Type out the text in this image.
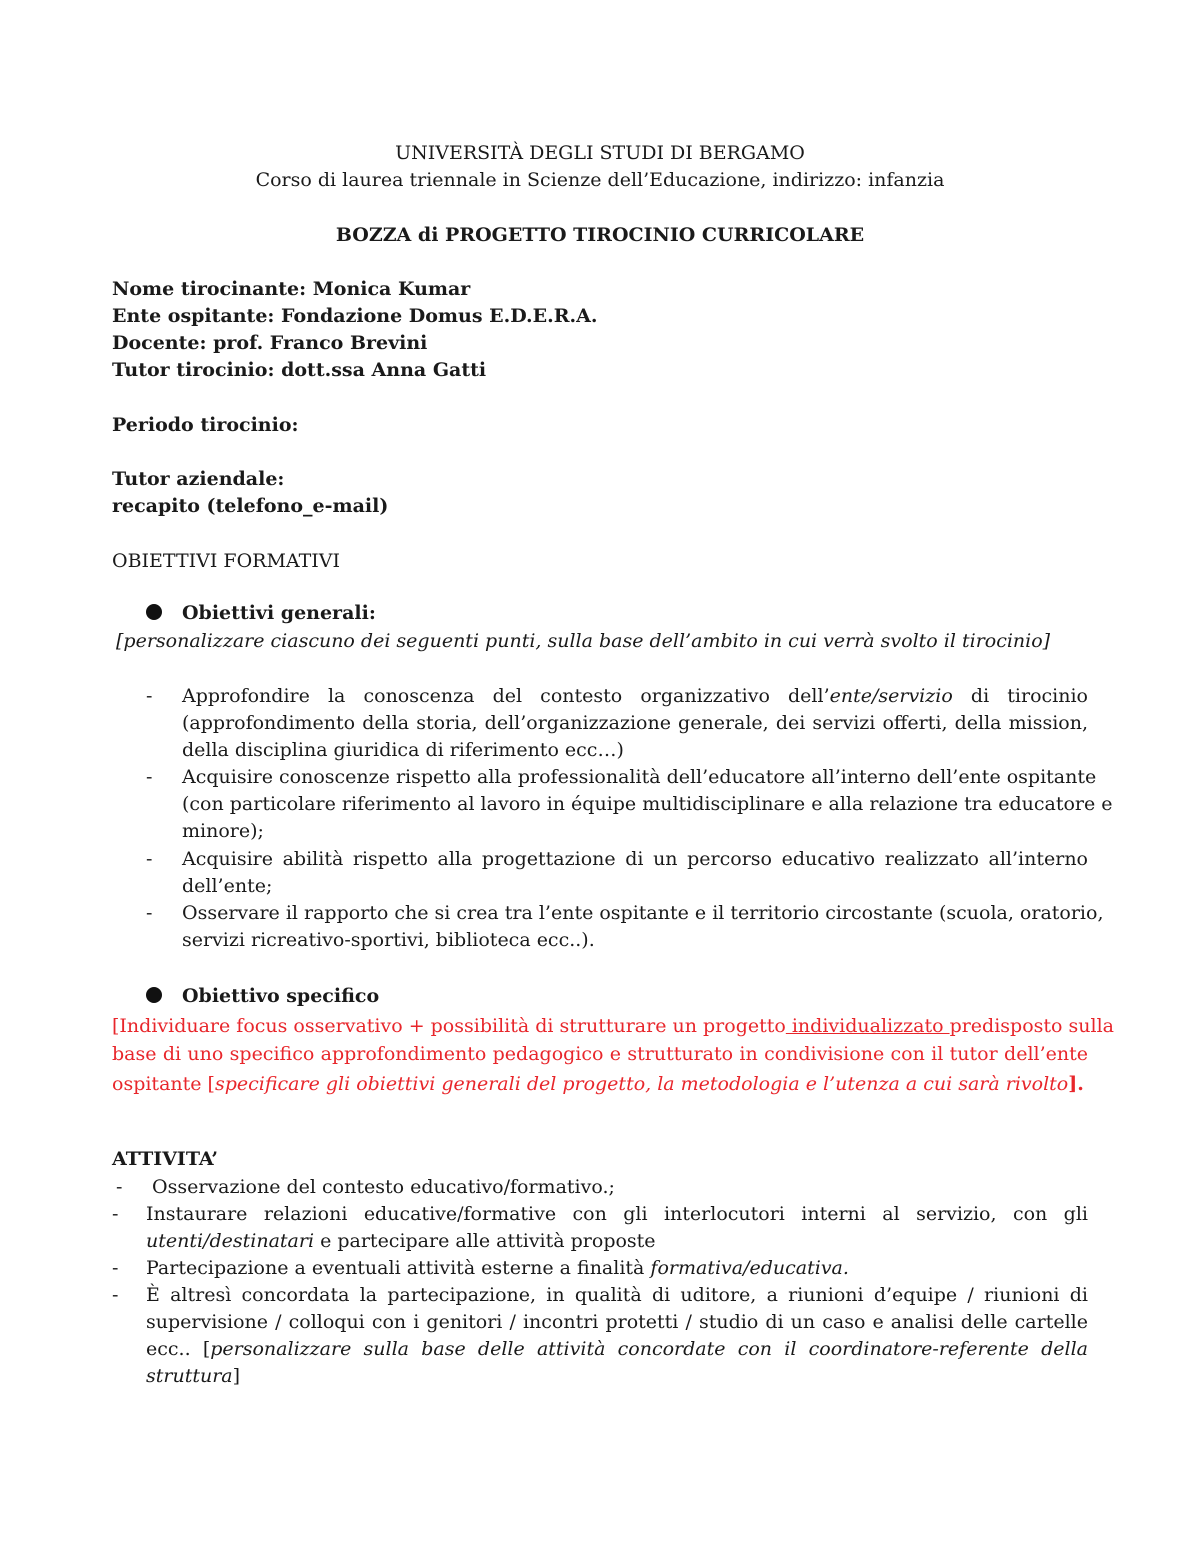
UNIVERSITÀ DEGLI STUDI DI BERGAMO
Corso di laurea triennale in Scienze dell’Educazione, indirizzo: infanzia
BOZZA di PROGETTO TIROCINIO CURRICOLARE
Nome tirocinante: Monica Kumar
Ente ospitante: Fondazione Domus E.D.E.R.A.
Docente: prof. Franco Brevini
Tutor tirocinio: dott.ssa Anna Gatti
Periodo tirocinio:
Tutor aziendale:
recapito (telefono_e-mail)
OBIETTIVI FORMATIVI
Obiettivi generali:
[personalizzare ciascuno dei seguenti punti, sulla base dell’ambito in cui verrà svolto il tirocinio]
- Approfondire la conoscenza del contesto organizzativo dell’ente/servizio di tirocinio
(approfondimento della storia, dell’organizzazione generale, dei servizi offerti, della mission,
della disciplina giuridica di riferimento ecc…)
- Acquisire conoscenze rispetto alla professionalità dell’educatore all’interno dell’ente ospitante
(con particolare riferimento al lavoro in équipe multidisciplinare e alla relazione tra educatore e
minore);
- Acquisire abilità rispetto alla progettazione di un percorso educativo realizzato all’interno
dell’ente;
- Osservare il rapporto che si crea tra l’ente ospitante e il territorio circostante (scuola, oratorio,
servizi ricreativo-sportivi, biblioteca ecc..).
Obiettivo specifico
[Individuare focus osservativo + possibilità di strutturare un progetto individualizzato predisposto sulla
base di uno specifico approfondimento pedagogico e strutturato in condivisione con il tutor dell’ente
ospitante [specificare gli obiettivi generali del progetto, la metodologia e l’utenza a cui sarà rivolto].
ATTIVITA’
- Osservazione del contesto educativo/formativo.;
- Instaurare relazioni educative/formative con gli interlocutori interni al servizio, con gli
utenti/destinatari e partecipare alle attività proposte
- Partecipazione a eventuali attività esterne a finalità formativa/educativa.
- È altresì concordata la partecipazione, in qualità di uditore, a riunioni d’equipe / riunioni di
supervisione / colloqui con i genitori / incontri protetti / studio di un caso e analisi delle cartelle
ecc.. [personalizzare sulla base delle attività concordate con il coordinatore-referente della
struttura]
